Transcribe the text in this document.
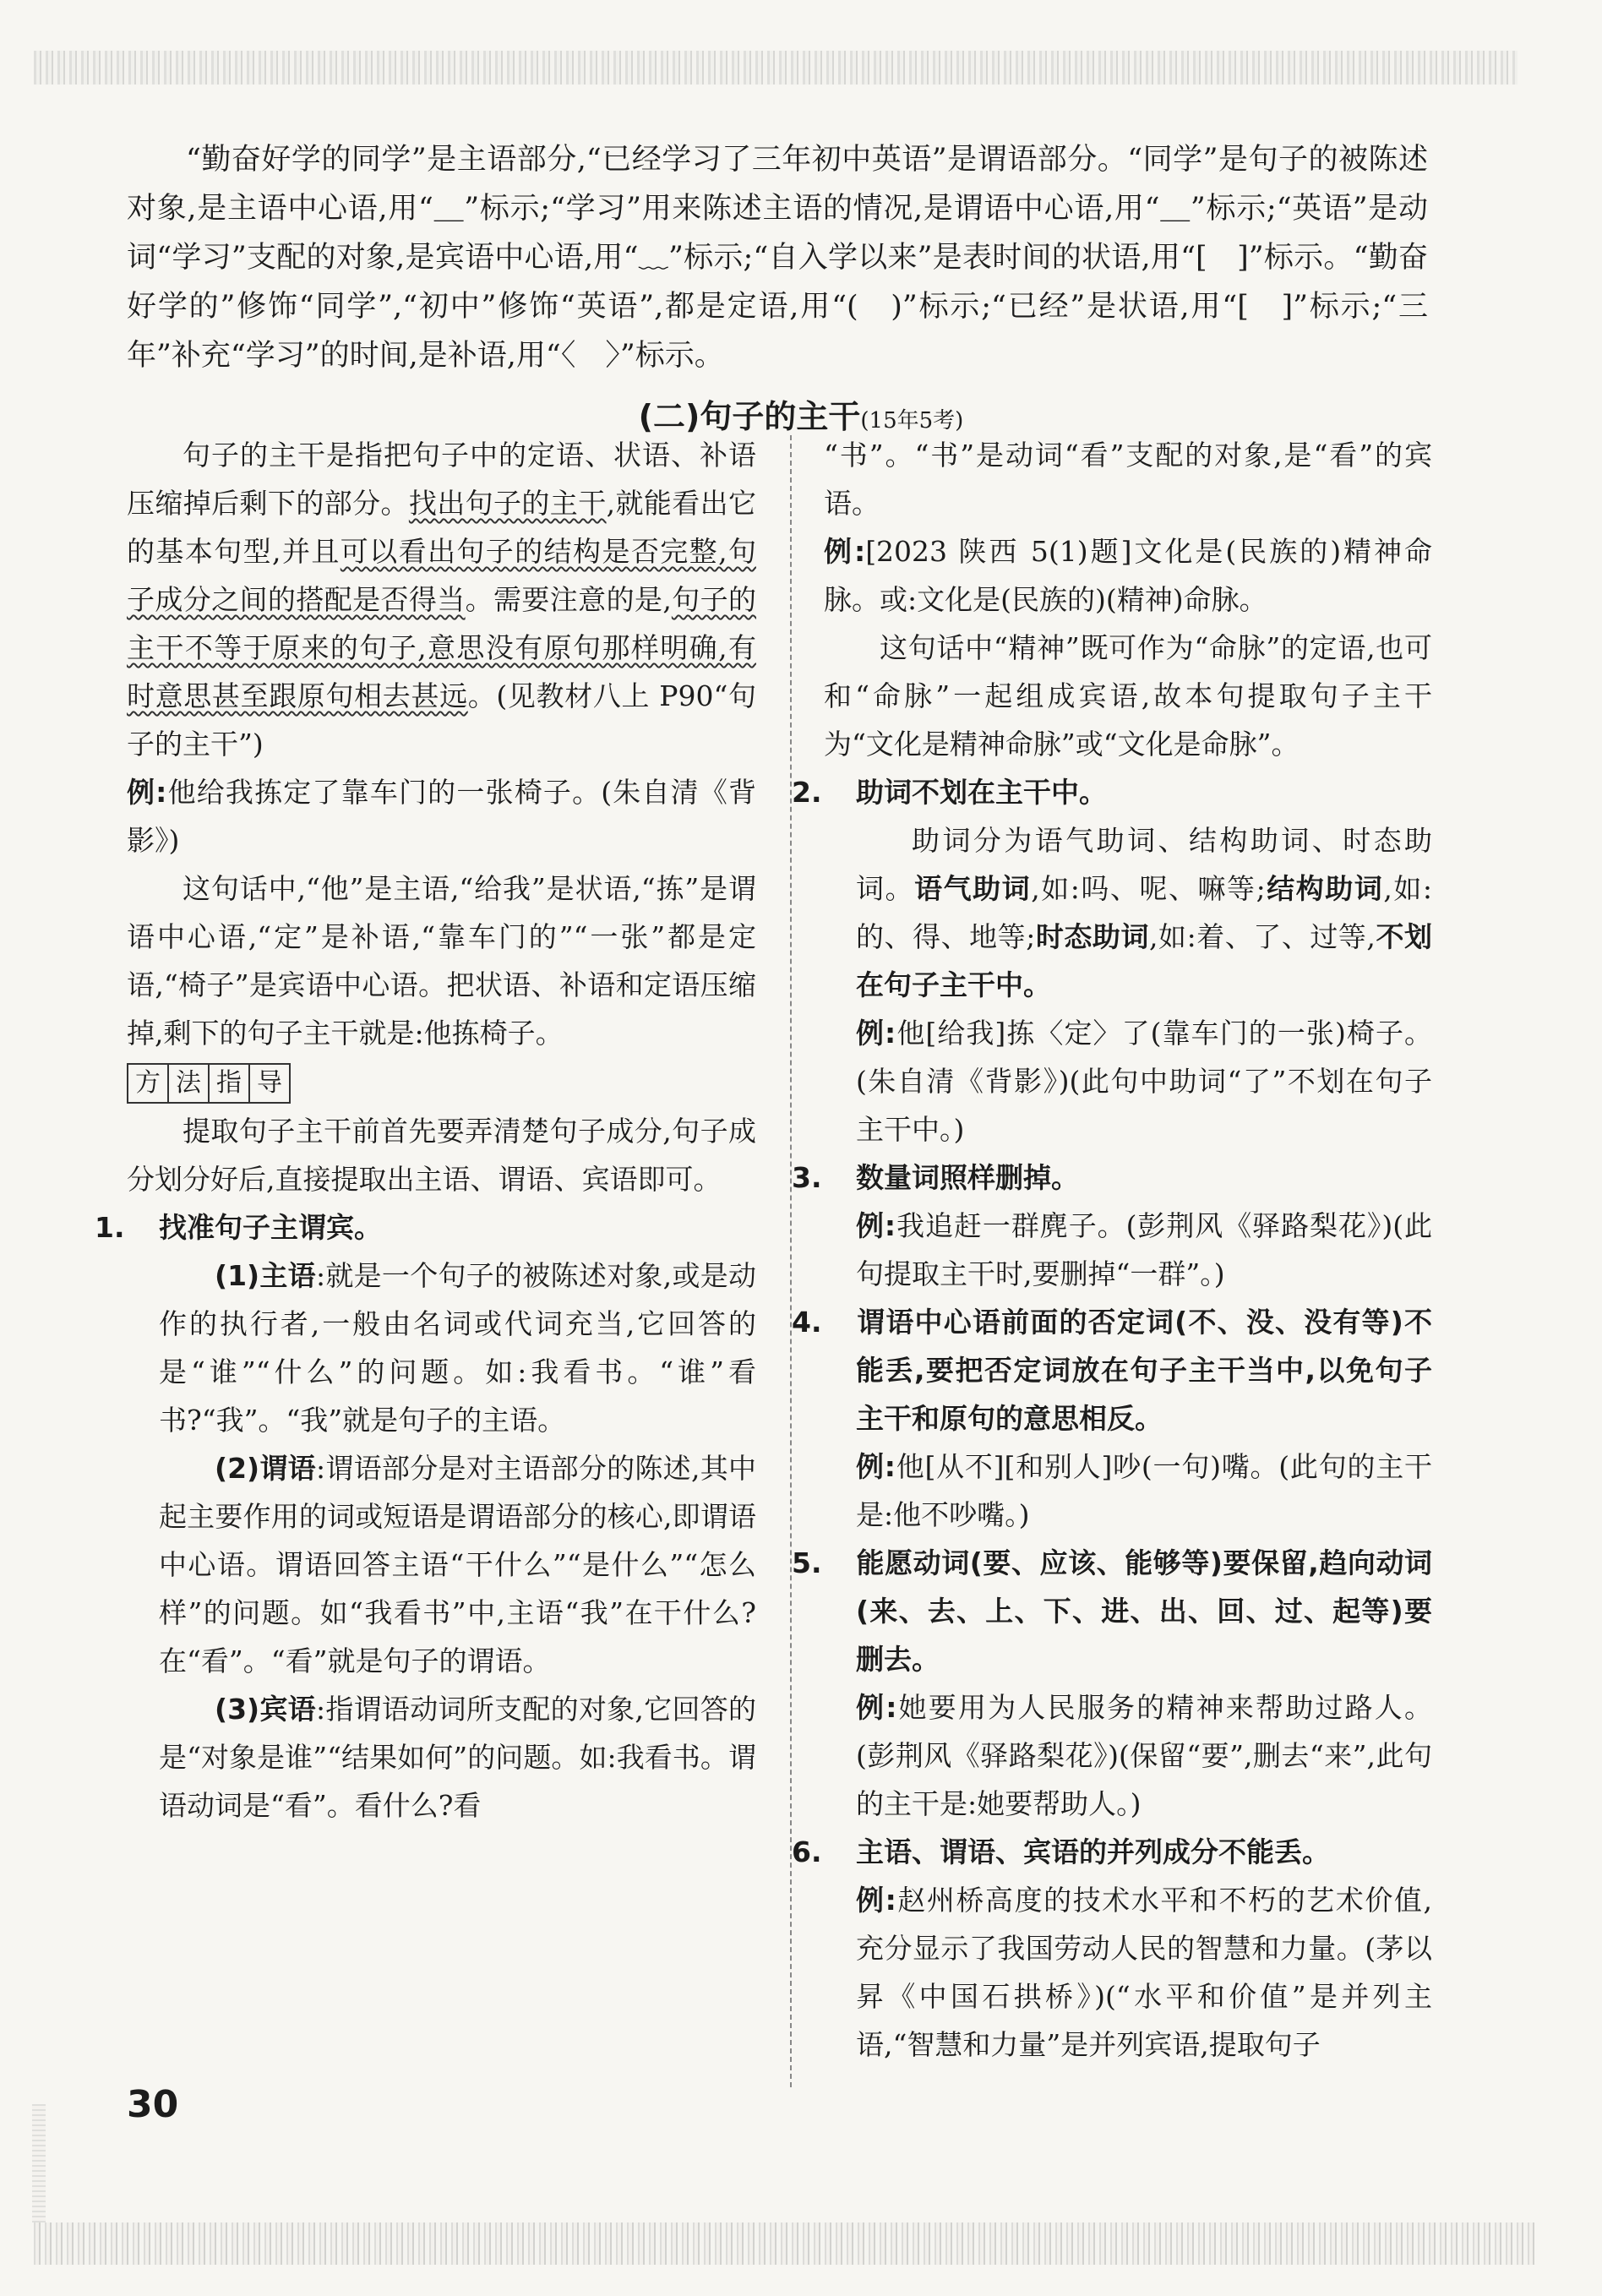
“勤奋好学的同学”是主语部分,“已经学习了三年初中英语”是谓语部分。“同学”是句子的被陈述对象,是主语中心语,用“＿”标示;“学习”用来陈述主语的情况,是谓语中心语,用“＿”标示;“英语”是动词“学习”支配的对象,是宾语中心语,用“﹏”标示;“自入学以来”是表时间的状语,用“[　]”标示。“勤奋好学的”修饰“同学”,“初中”修饰“英语”,都是定语,用“(　)”标示;“已经”是状语,用“[　]”标示;“三年”补充“学习”的时间,是补语,用“〈　〉”标示。

(二)句子的主干(15年5考)

句子的主干是指把句子中的定语、状语、补语压缩掉后剩下的部分。找出句子的主干,就能看出它的基本句型,并且可以看出句子的结构是否完整,句子成分之间的搭配是否得当。需要注意的是,句子的主干不等于原来的句子,意思没有原句那样明确,有时意思甚至跟原句相去甚远。(见教材八上 P90“句子的主干”)

例:他给我拣定了靠车门的一张椅子。(朱自清《背影》)

这句话中,“他”是主语,“给我”是状语,“拣”是谓语中心语,“定”是补语,“靠车门的”“一张”都是定语,“椅子”是宾语中心语。把状语、补语和定语压缩掉,剩下的句子主干就是:他拣椅子。

方 法 指 导

提取句子主干前首先要弄清楚句子成分,句子成分划分好后,直接提取出主语、谓语、宾语即可。

1. 找准句子主谓宾。

(1)主语:就是一个句子的被陈述对象,或是动作的执行者,一般由名词或代词充当,它回答的是“谁”“什么”的问题。如:我看书。“谁”看书?“我”。“我”就是句子的主语。

(2)谓语:谓语部分是对主语部分的陈述,其中起主要作用的词或短语是谓语部分的核心,即谓语中心语。谓语回答主语“干什么”“是什么”“怎么样”的问题。如“我看书”中,主语“我”在干什么?在“看”。“看”就是句子的谓语。

(3)宾语:指谓语动词所支配的对象,它回答的是“对象是谁”“结果如何”的问题。如:我看书。谓语动词是“看”。看什么?看

“书”。“书”是动词“看”支配的对象,是“看”的宾语。

例:[2023 陕西 5(1)题]文化是(民族的)精神命脉。或:文化是(民族的)(精神)命脉。

这句话中“精神”既可作为“命脉”的定语,也可和“命脉”一起组成宾语,故本句提取句子主干为“文化是精神命脉”或“文化是命脉”。

2. 助词不划在主干中。

助词分为语气助词、结构助词、时态助词。语气助词,如:吗、呢、嘛等;结构助词,如:的、得、地等;时态助词,如:着、了、过等,不划在句子主干中。

例:他[给我]拣〈定〉了(靠车门的一张)椅子。(朱自清《背影》)(此句中助词“了”不划在句子主干中。)

3. 数量词照样删掉。

例:我追赶一群麂子。(彭荆风《驿路梨花》)(此句提取主干时,要删掉“一群”。)

4. 谓语中心语前面的否定词(不、没、没有等)不能丢,要把否定词放在句子主干当中,以免句子主干和原句的意思相反。

例:他[从不][和别人]吵(一句)嘴。(此句的主干是:他不吵嘴。)

5. 能愿动词(要、应该、能够等)要保留,趋向动词(来、去、上、下、进、出、回、过、起等)要删去。

例:她要用为人民服务的精神来帮助过路人。(彭荆风《驿路梨花》)(保留“要”,删去“来”,此句的主干是:她要帮助人。)

6. 主语、谓语、宾语的并列成分不能丢。

例:赵州桥高度的技术水平和不朽的艺术价值,充分显示了我国劳动人民的智慧和力量。(茅以昇《中国石拱桥》)(“水平和价值”是并列主语,“智慧和力量”是并列宾语,提取句子

30
